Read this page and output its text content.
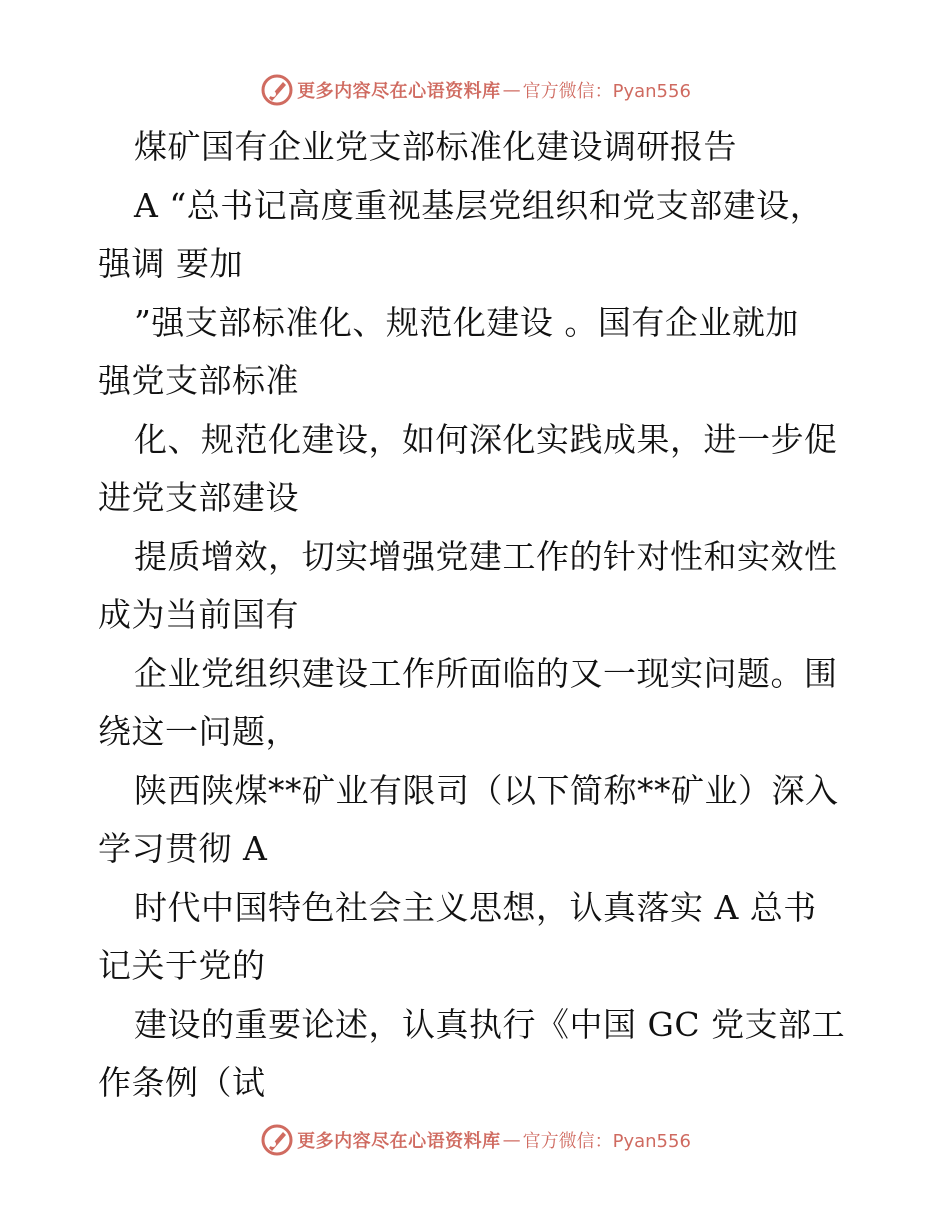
更多内容尽在心语资料库 — 官方微信：Pyan556
煤矿国有企业党支部标准化建设调研报告
A “总书记高度重视基层党组织和党支部建设，
强调 要加
”强支部标准化、规范化建设 。国有企业就加
强党支部标准
化、规范化建设，如何深化实践成果，进一步促
进党支部建设
提质增效，切实增强党建工作的针对性和实效性
成为当前国有
企业党组织建设工作所面临的又一现实问题。围
绕这一问题，
陕西陕煤**矿业有限司（以下简称**矿业）深入
学习贯彻 A
时代中国特色社会主义思想，认真落实 A 总书
记关于党的
建设的重要论述，认真执行《中国 GC 党支部工
作条例（试
更多内容尽在心语资料库 — 官方微信：Pyan556
